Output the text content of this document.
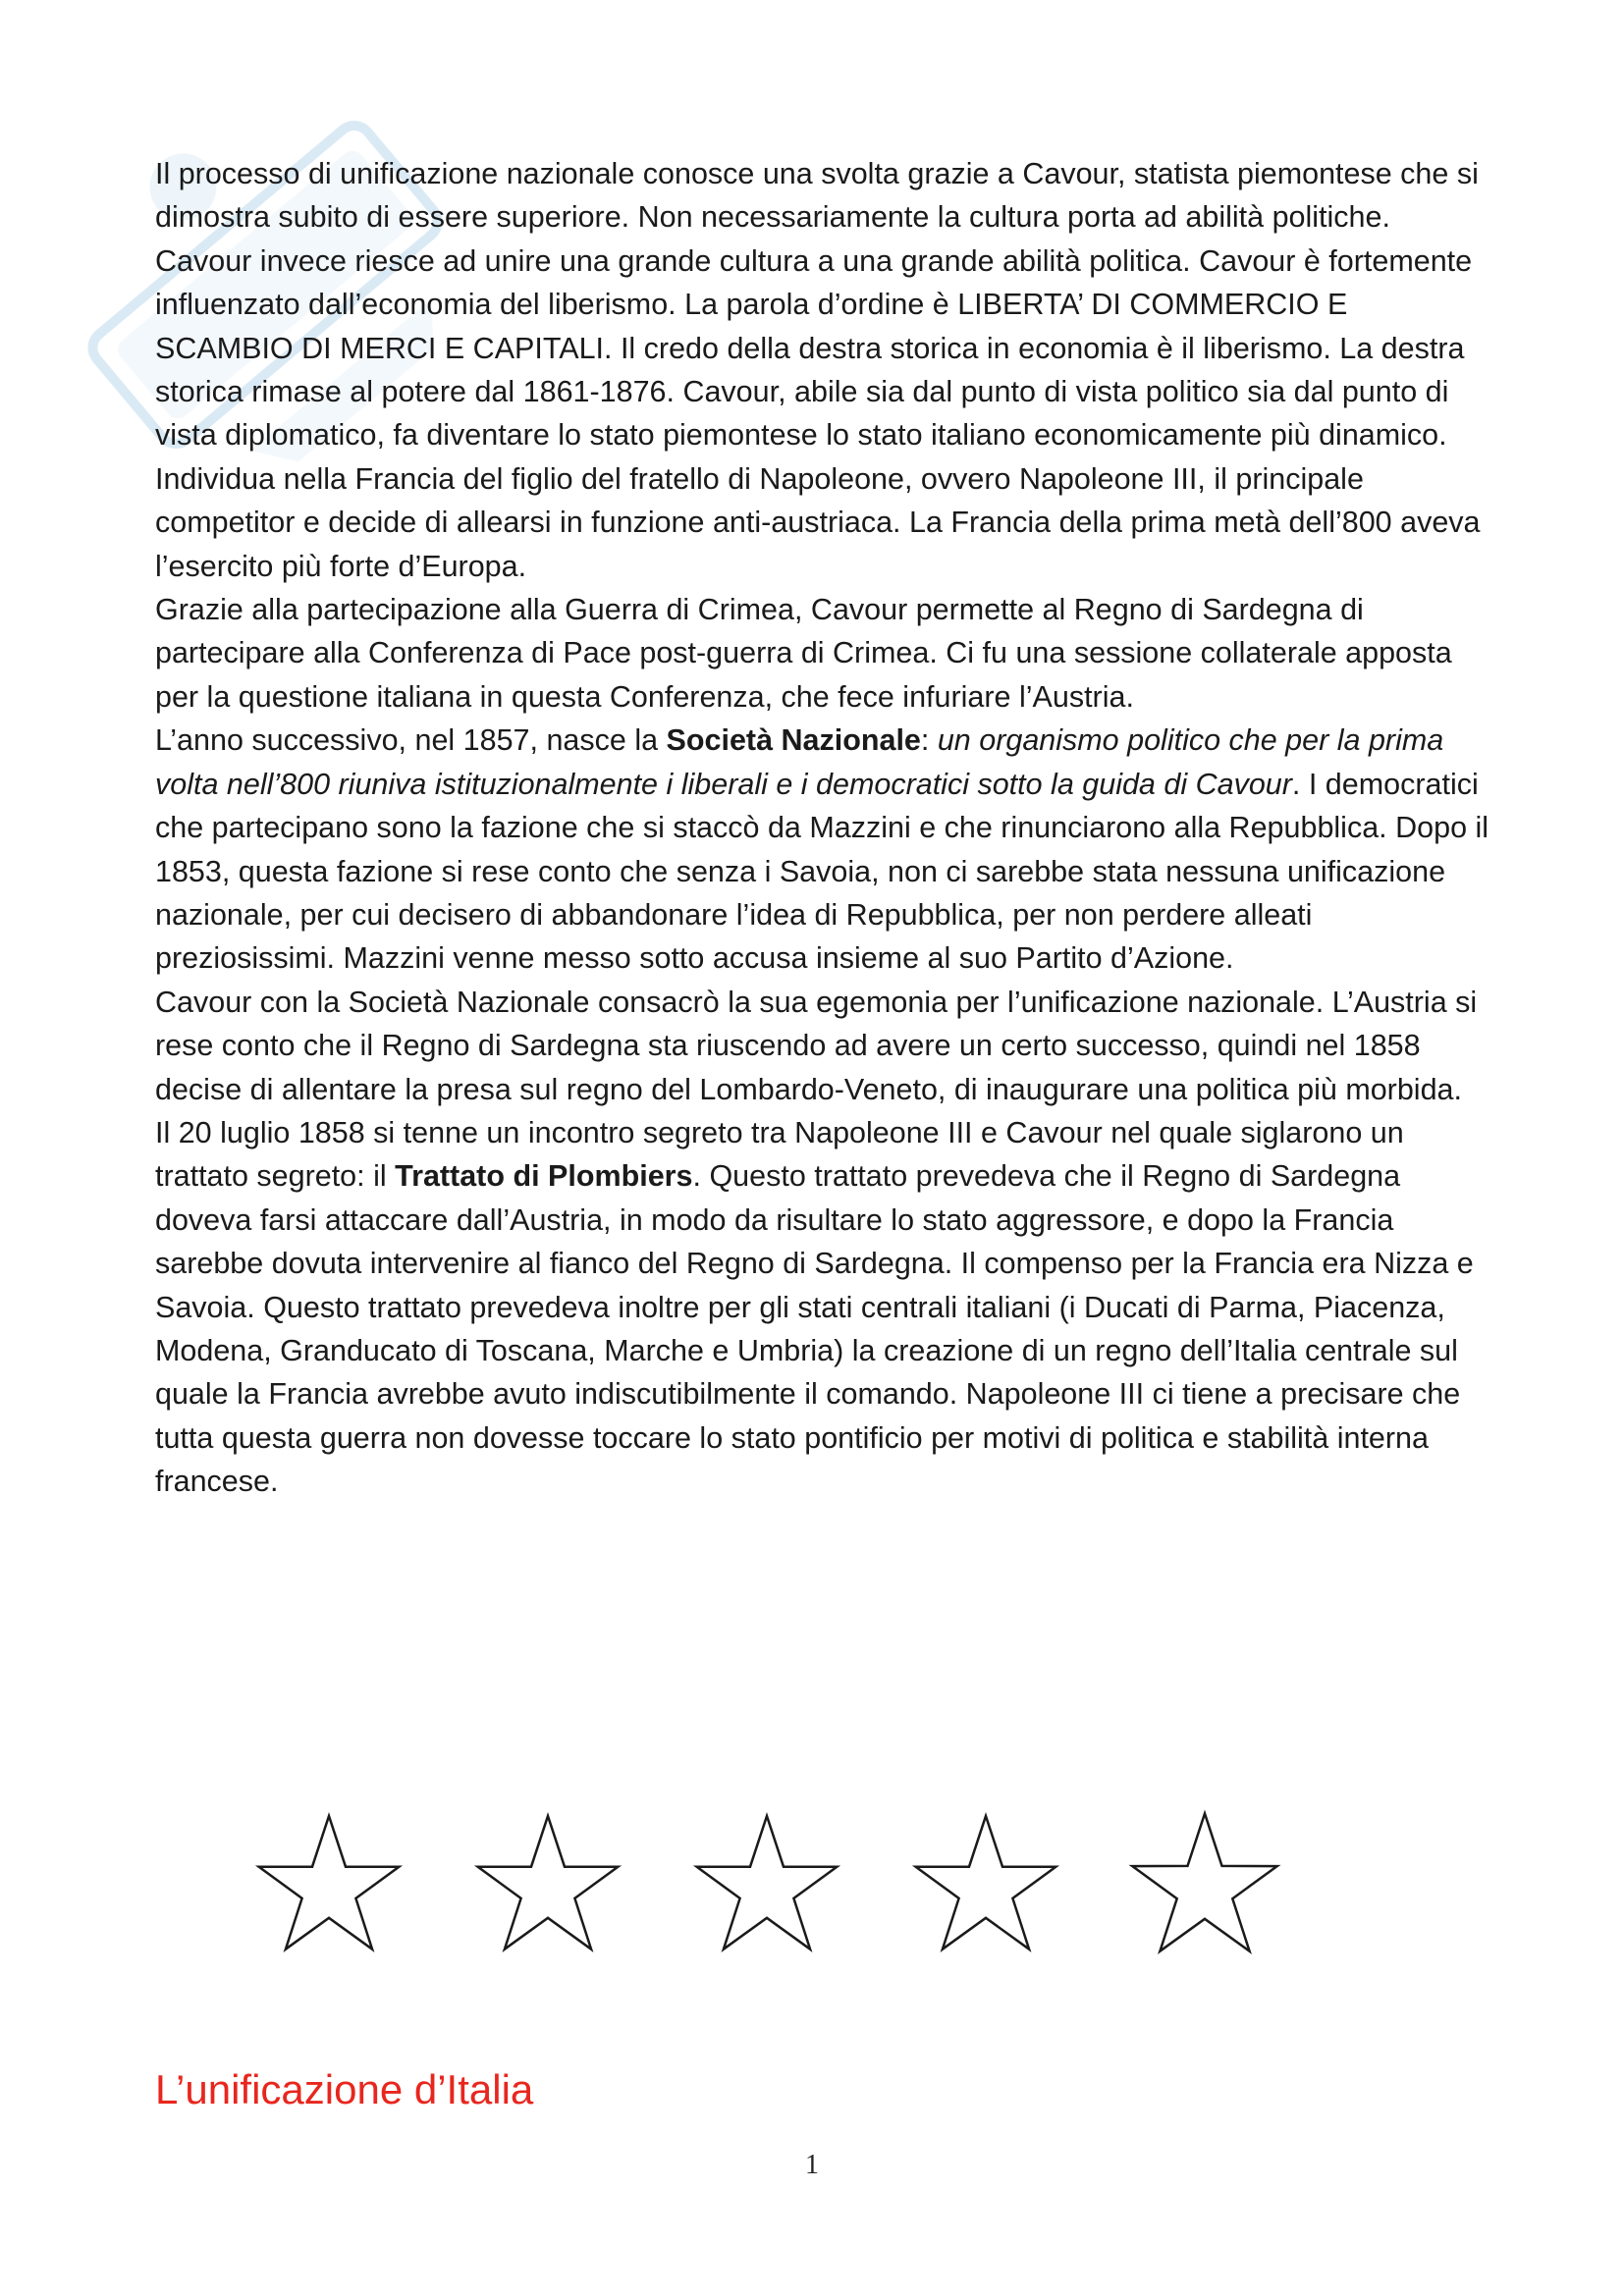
Il processo di unificazione nazionale conosce una svolta grazie a Cavour, statista piemontese che si dimostra subito di essere superiore. Non necessariamente la cultura porta ad abilità politiche. Cavour invece riesce ad unire una grande cultura a una grande abilità politica. Cavour è fortemente influenzato dall’economia del liberismo. La parola d’ordine è LIBERTA’ DI COMMERCIO E SCAMBIO DI MERCI E CAPITALI. Il credo della destra storica in economia è il liberismo. La destra storica rimase al potere dal 1861-1876. Cavour, abile sia dal punto di vista politico sia dal punto di vista diplomatico, fa diventare lo stato piemontese lo stato italiano economicamente più dinamico. Individua nella Francia del figlio del fratello di Napoleone, ovvero Napoleone III, il principale competitor e decide di allearsi in funzione anti-austriaca. La Francia della prima metà dell’800 aveva l’esercito più forte d’Europa.

Grazie alla partecipazione alla Guerra di Crimea, Cavour permette al Regno di Sardegna di partecipare alla Conferenza di Pace post-guerra di Crimea. Ci fu una sessione collaterale apposta per la questione italiana in questa Conferenza, che fece infuriare l’Austria.

L’anno successivo, nel 1857, nasce la Società Nazionale: un organismo politico che per la prima volta nell’800 riuniva istituzionalmente i liberali e i democratici sotto la guida di Cavour. I democratici che partecipano sono la fazione che si staccò da Mazzini e che rinunciarono alla Repubblica. Dopo il 1853, questa fazione si rese conto che senza i Savoia, non ci sarebbe stata nessuna unificazione nazionale, per cui decisero di abbandonare l’idea di Repubblica, per non perdere alleati preziosissimi. Mazzini venne messo sotto accusa insieme al suo Partito d’Azione.

Cavour con la Società Nazionale consacrò la sua egemonia per l’unificazione nazionale. L’Austria si rese conto che il Regno di Sardegna sta riuscendo ad avere un certo successo, quindi nel 1858 decise di allentare la presa sul regno del Lombardo-Veneto, di inaugurare una politica più morbida.

Il 20 luglio 1858 si tenne un incontro segreto tra Napoleone III e Cavour nel quale siglarono un trattato segreto: il Trattato di Plombiers. Questo trattato prevedeva che il Regno di Sardegna doveva farsi attaccare dall’Austria, in modo da risultare lo stato aggressore, e dopo la Francia sarebbe dovuta intervenire al fianco del Regno di Sardegna. Il compenso per la Francia era Nizza e Savoia. Questo trattato prevedeva inoltre per gli stati centrali italiani (i Ducati di Parma, Piacenza, Modena, Granducato di Toscana, Marche e Umbria) la creazione di un regno dell’Italia centrale sul quale la Francia avrebbe avuto indiscutibilmente il comando. Napoleone III ci tiene a precisare che tutta questa guerra non dovesse toccare lo stato pontificio per motivi di politica e stabilità interna francese.

L’unificazione d’Italia
1
